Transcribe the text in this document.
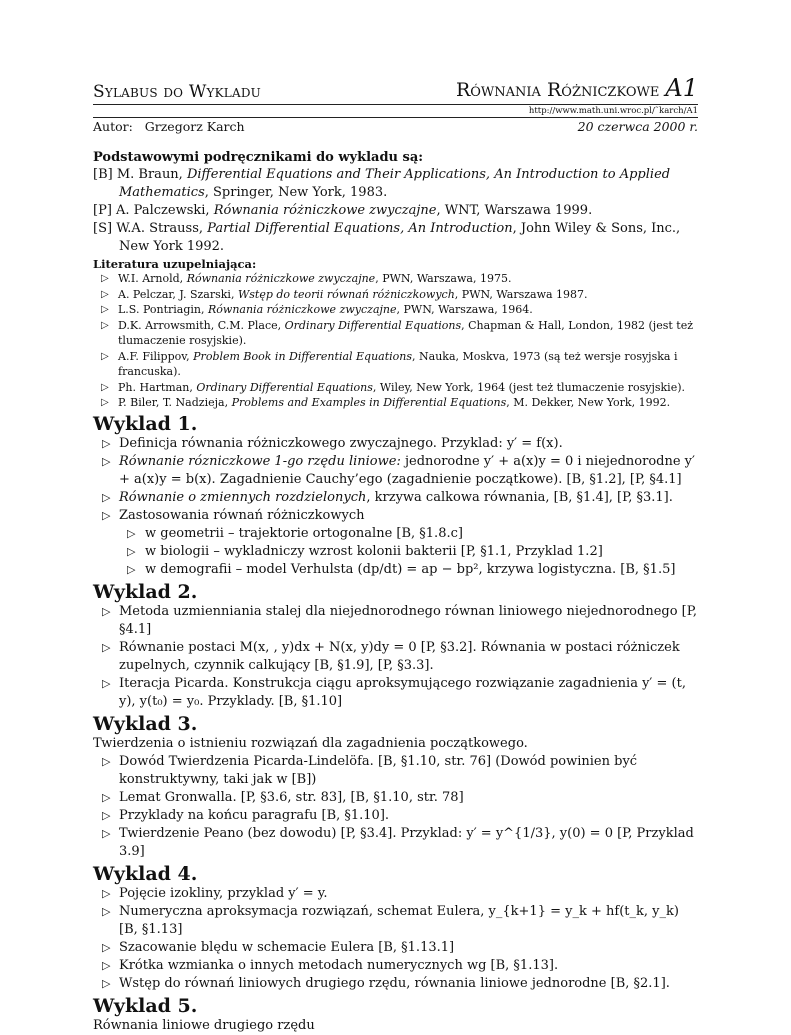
Sylabus do Wykladu	Równania Różniczkowe A1
http://www.math.uni.wroc.pl/˜karch/A1
Autor: Grzegorz Karch	20 czerwca 2000 r.
Podstawowymi podręcznikami do wykladu są:
[B] M. Braun, Differential Equations and Their Applications, An Introduction to Applied Mathematics, Springer, New York, 1983.
[P] A. Palczewski, Równania różniczkowe zwyczajne, WNT, Warszawa 1999.
[S] W.A. Strauss, Partial Differential Equations, An Introduction, John Wiley & Sons, Inc., New York 1992.
Literatura uzupelniająca:
▷ W.I. Arnold, Równania różniczkowe zwyczajne, PWN, Warszawa, 1975.
▷ A. Pelczar, J. Szarski, Wstęp do teorii równań różniczkowych, PWN, Warszawa 1987.
▷ L.S. Pontriagin, Równania różniczkowe zwyczajne, PWN, Warszawa, 1964.
▷ D.K. Arrowsmith, C.M. Place, Ordinary Differential Equations, Chapman & Hall, London, 1982 (jest też tlumaczenie rosyjskie).
▷ A.F. Filippov, Problem Book in Differential Equations, Nauka, Moskva, 1973 (są też wersje rosyjska i francuska).
▷ Ph. Hartman, Ordinary Differential Equations, Wiley, New York, 1964 (jest też tlumaczenie rosyjskie).
▷ P. Biler, T. Nadzieja, Problems and Examples in Differential Equations, M. Dekker, New York, 1992.
Wyklad 1.
▷ Definicja równania różniczkowego zwyczajnego. Przyklad: y′ = f(x).
▷ Równanie rózniczkowe 1-go rzędu liniowe: jednorodne y′ + a(x)y = 0 i niejednorodne y′ + a(x)y = b(x). Zagadnienie Cauchy’ego (zagadnienie początkowe). [B, §1.2], [P, §4.1]
▷ Równanie o zmiennych rozdzielonych, krzywa calkowa równania, [B, §1.4], [P, §3.1].
▷ Zastosowania równań różniczkowych
▷ w geometrii – trajektorie ortogonalne [B, §1.8.c]
▷ w biologii – wykladniczy wzrost kolonii bakterii [P, §1.1, Przyklad 1.2]
▷ w demografii – model Verhulsta (dp/dt) = ap − bp², krzywa logistyczna. [B, §1.5]
Wyklad 2.
▷ Metoda uzmienniania stalej dla niejednorodnego równan liniowego niejednorodnego [P, §4.1]
▷ Równanie postaci M(x, , y)dx + N(x, y)dy = 0 [P, §3.2]. Równania w postaci różniczek zupelnych, czynnik calkujący [B, §1.9], [P, §3.3].
▷ Iteracja Picarda. Konstrukcja ciągu aproksymującego rozwiązanie zagadnienia y′ = (t, y), y(t₀) = y₀. Przyklady. [B, §1.10]
Wyklad 3.
Twierdzenia o istnieniu rozwiązań dla zagadnienia początkowego.
▷ Dowód Twierdzenia Picarda-Lindelöfa. [B, §1.10, str. 76] (Dowód powinien być konstruktywny, taki jak w [B])
▷ Lemat Gronwalla. [P, §3.6, str. 83], [B, §1.10, str. 78]
▷ Przyklady na końcu paragrafu [B, §1.10].
▷ Twierdzenie Peano (bez dowodu) [P, §3.4]. Przyklad: y′ = y^{1/3}, y(0) = 0 [P, Przyklad 3.9]
Wyklad 4.
▷ Pojęcie izokliny, przyklad y′ = y.
▷ Numeryczna aproksymacja rozwiązań, schemat Eulera, y_{k+1} = y_k + hf(t_k, y_k) [B, §1.13]
▷ Szacowanie blędu w schemacie Eulera [B, §1.13.1]
▷ Krótka wzmianka o innych metodach numerycznych wg [B, §1.13].
▷ Wstęp do równań liniowych drugiego rzędu, równania liniowe jednorodne [B, §2.1].
Wyklad 5.
Równania liniowe drugiego rzędu
